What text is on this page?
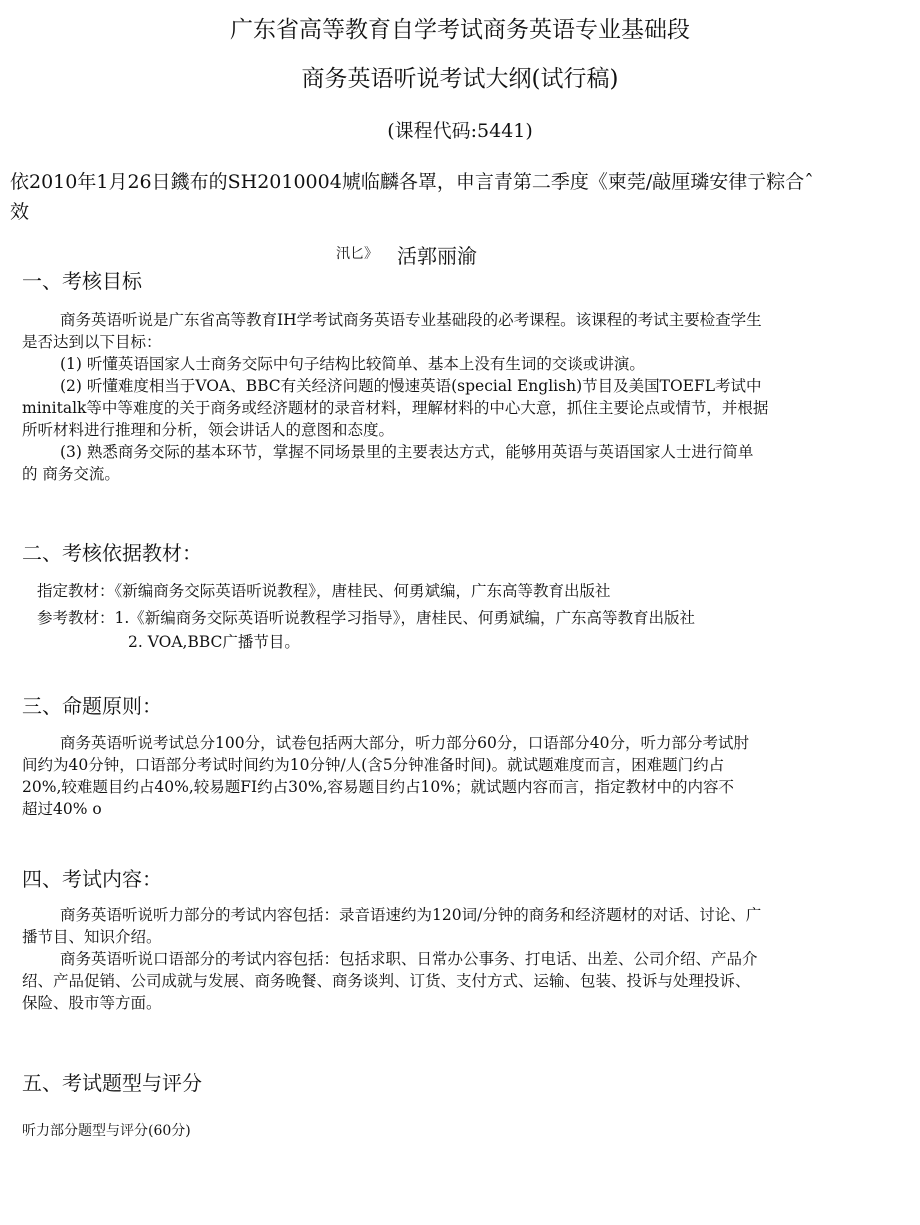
广东省高等教育自学考试商务英语专业基础段
商务英语听说考试大纲(试行稿)
(课程代码:5441)
依2010年1月26日鐖布的SH2010004虓临麟各罩，申言青第二季度《柬莞/敲厘璘安律亍粽合ˆ
效
汛匕》 活郭丽渝
一、考核目标
商务英语听说是广东省高等教育IH学考试商务英语专业基础段的必考课程。该课程的考试主要检查学生
是否达到以下目标：
(1) 听懂英语国家人士商务交际中句子结构比较简单、基本上没有生词的交谈或讲演。
(2) 听懂难度相当于VOA、BBC有关经济问题的慢速英语(special English)节目及美国TOEFL考试中
minitalk等中等难度的关于商务或经济题材的录音材料，理解材料的中心大意，抓住主要论点或情节，并根据
所听材料进行推理和分析，领会讲话人的意图和态度。
(3) 熟悉商务交际的基本环节，掌握不同场景里的主要表达方式，能够用英语与英语国家人士进行简单
的 商务交流。
二、考核依据教材：
指定教材：《新编商务交际英语听说教程》，唐桂民、何勇斌编，广东高等教育出版社
参考教材：1.《新编商务交际英语听说教程学习指导》，唐桂民、何勇斌编，广东高等教育出版社
2. VOA,BBC广播节目。
三、命题原则：
商务英语听说考试总分100分，试卷包括两大部分，听力部分60分，口语部分40分，听力部分考试肘
间约为40分钟，口语部分考试时间约为10分钟/人(含5分钟准备时间)。就试题难度而言，困难题门约占
20%,较难题目约占40%,较易题FI约占30%,容易题目约占10%；就试题内容而言，指定教材中的内容不
超过40% o
四、考试内容：
商务英语听说听力部分的考试内容包括：录音语速约为120词/分钟的商务和经济题材的对话、讨论、广
播节目、知识介绍。
商务英语听说口语部分的考试内容包括：包括求职、日常办公事务、打电话、出差、公司介绍、产品介
绍、产品促销、公司成就与发展、商务晚餐、商务谈判、订货、支付方式、运输、包装、投诉与处理投诉、
保险、股市等方面。
五、考试题型与评分
听力部分题型与评分(60分)
